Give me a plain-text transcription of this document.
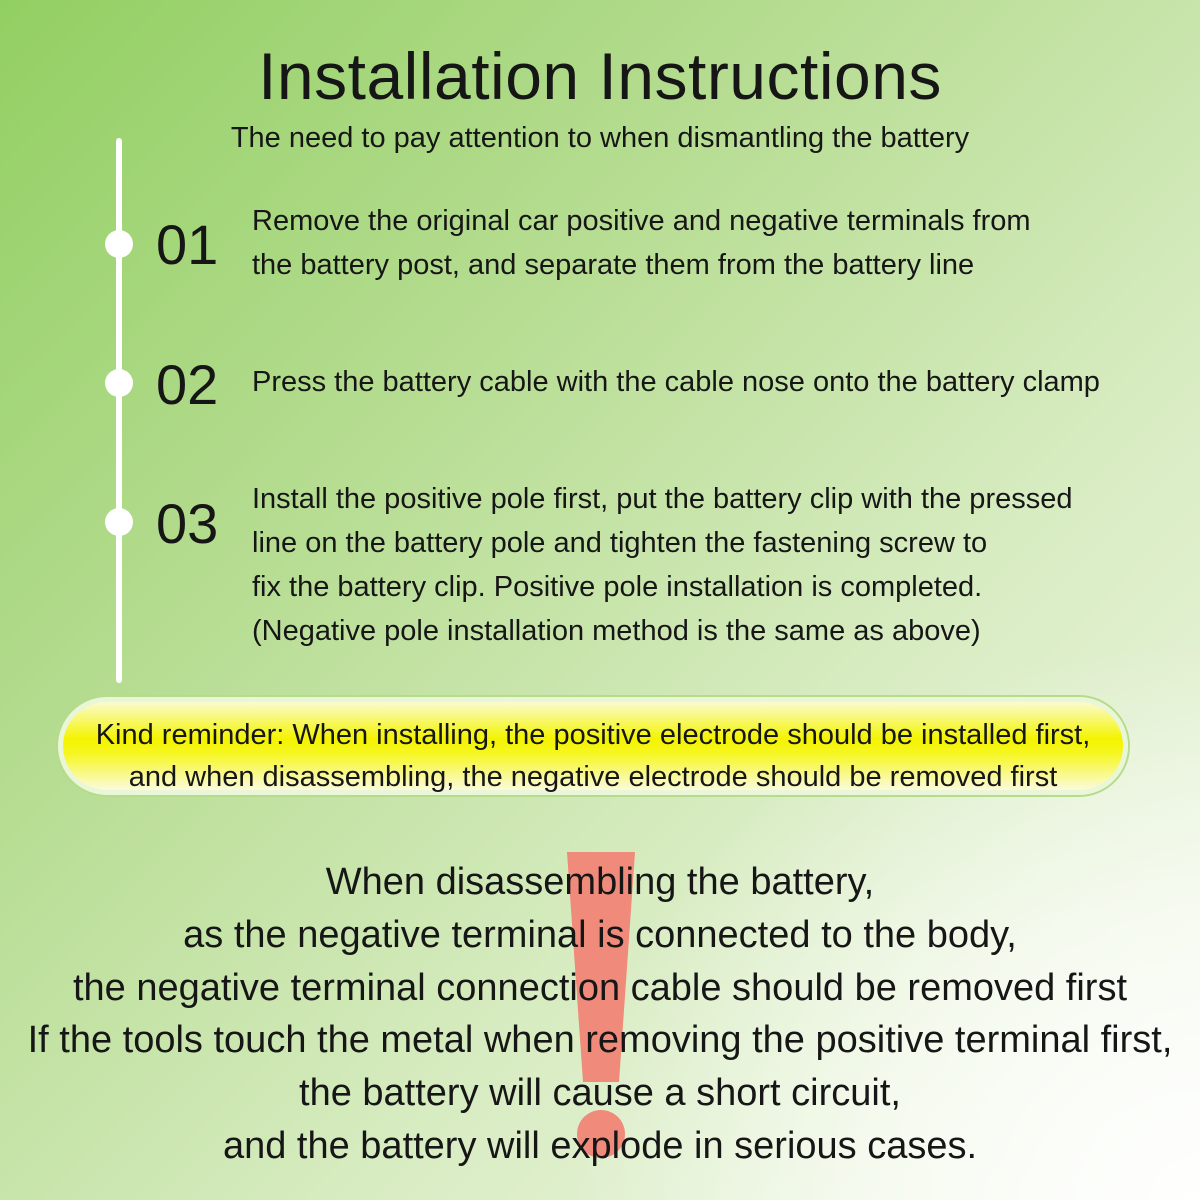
Installation Instructions

The need to pay attention to when dismantling the battery

01	Remove the original car positive and negative terminals from
the battery post, and separate them from the battery line
02	Press the battery cable with the cable nose onto the battery clamp
03	Install the positive pole first, put the battery clip with the pressed
line on the battery pole and tighten the fastening screw to
fix the battery clip. Positive pole installation is completed.
(Negative pole installation method is the same as above)
Kind reminder: When installing, the positive electrode should be installed first,
and when disassembling, the negative electrode should be removed first
When disassembling the battery,
as the negative terminal is connected to the body,
the negative terminal connection cable should be removed first
If the tools touch the metal when removing the positive terminal first,
the battery will cause a short circuit,
and the battery will explode in serious cases.
